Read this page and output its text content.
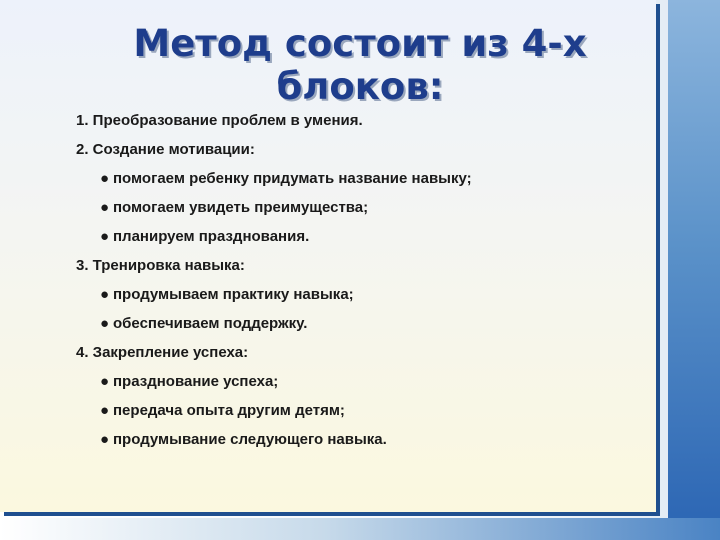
Метод состоит из 4-х блоков:
1. Преобразование проблем в умения.
2. Создание мотивации:
● помогаем ребенку придумать название навыку;
● помогаем увидеть преимущества;
● планируем празднования.
3. Тренировка навыка:
● продумываем практику навыка;
● обеспечиваем поддержку.
4. Закрепление успеха:
● празднование успеха;
● передача опыта другим детям;
● продумывание следующего навыка.
